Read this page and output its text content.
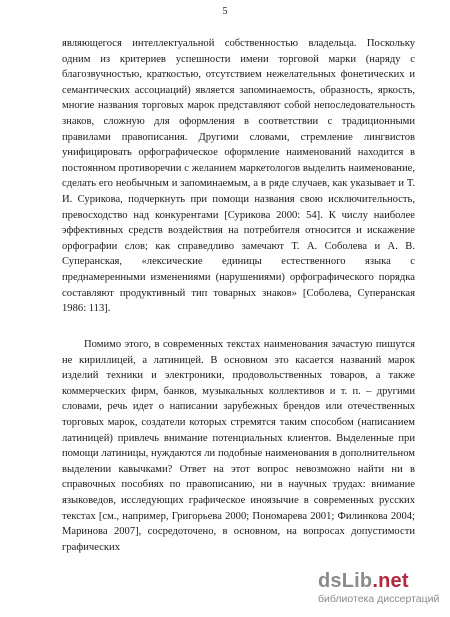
5
являющегося интеллектуальной собственностью владельца. Поскольку одним из критериев успешности имени торговой марки (наряду с благозвучностью, краткостью, отсутствием нежелательных фонетических и семантических ассоциаций) является запоминаемость, образность, яркость, многие названия торговых марок представляют собой непоследовательность знаков, сложную для оформления в соответствии с традиционными правилами правописания. Другими словами, стремление лингвистов унифицировать орфографическое оформление наименований находится в постоянном противоречии с желанием маркетологов выделить наименование, сделать его необычным и запоминаемым, а в ряде случаев, как указывает и Т. И. Сурикова, подчеркнуть при помощи названия свою исключительность, превосходство над конкурентами [Сурикова 2000: 54]. К числу наиболее эффективных средств воздействия на потребителя относится и искажение орфографии слов; как справедливо замечают Т. А. Соболева и А. В. Суперанская, «лексические единицы естественного языка с преднамеренными изменениями (нарушениями) орфографического порядка составляют продуктивный тип товарных знаков» [Соболева, Суперанская 1986: 113].
Помимо этого, в современных текстах наименования зачастую пишутся не кириллицей, а латиницей. В основном это касается названий марок изделий техники и электроники, продовольственных товаров, а также коммерческих фирм, банков, музыкальных коллективов и т. п. – другими словами, речь идет о написании зарубежных брендов или отечественных торговых марок, создатели которых стремятся таким способом (написанием латиницей) привлечь внимание потенциальных клиентов. Выделенные при помощи латиницы, нуждаются ли подобные наименования в дополнительном выделении кавычками? Ответ на этот вопрос невозможно найти ни в справочных пособиях по правописанию, ни в научных трудах: внимание языковедов, исследующих графическое иноязычие в современных русских текстах [см., например, Григорьева 2000; Пономарева 2001; Филинкова 2004; Маринова 2007], сосредоточено, в основном, на вопросах допустимости графических
dsLib.net
библиотека диссертаций
